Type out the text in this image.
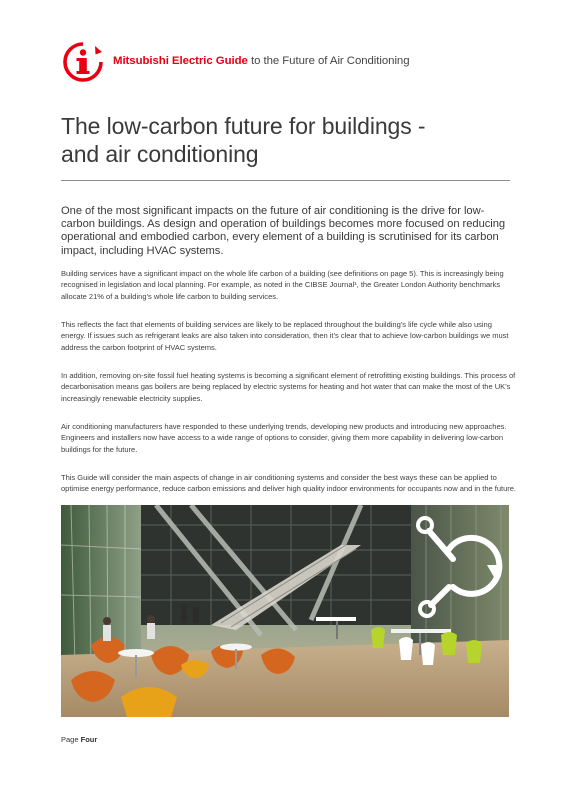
Mitsubishi Electric Guide to the Future of Air Conditioning
The low-carbon future for buildings -
and air conditioning

One of the most significant impacts on the future of air conditioning is the drive for low-carbon buildings. As design and operation of buildings becomes more focused on reducing operational and embodied carbon, every element of a building is scrutinised for its carbon impact, including HVAC systems.

Building services have a significant impact on the whole life carbon of a building (see definitions on page 5). This is increasingly being recognised in legislation and local planning. For example, as noted in the CIBSE Journal¹, the Greater London Authority benchmarks allocate 21% of a building’s whole life carbon to building services.

This reflects the fact that elements of building services are likely to be replaced throughout the building’s life cycle while also using energy. If issues such as refrigerant leaks are also taken into consideration, then it’s clear that to achieve low-carbon buildings we must address the carbon footprint of HVAC systems.

In addition, removing on-site fossil fuel heating systems is becoming a significant element of retrofitting existing buildings. This process of decarbonisation means gas boilers are being replaced by electric systems for heating and hot water that can make the most of the UK’s increasingly renewable electricity supplies.

Air conditioning manufacturers have responded to these underlying trends, developing new products and introducing new approaches. Engineers and installers now have access to a wide range of options to consider, giving them more capability in delivering low-carbon buildings for the future.

This Guide will consider the main aspects of change in air conditioning systems and consider the best ways these can be applied to optimise energy performance, reduce carbon emissions and deliver high quality indoor environments for occupants now and in the future.

Page Four
